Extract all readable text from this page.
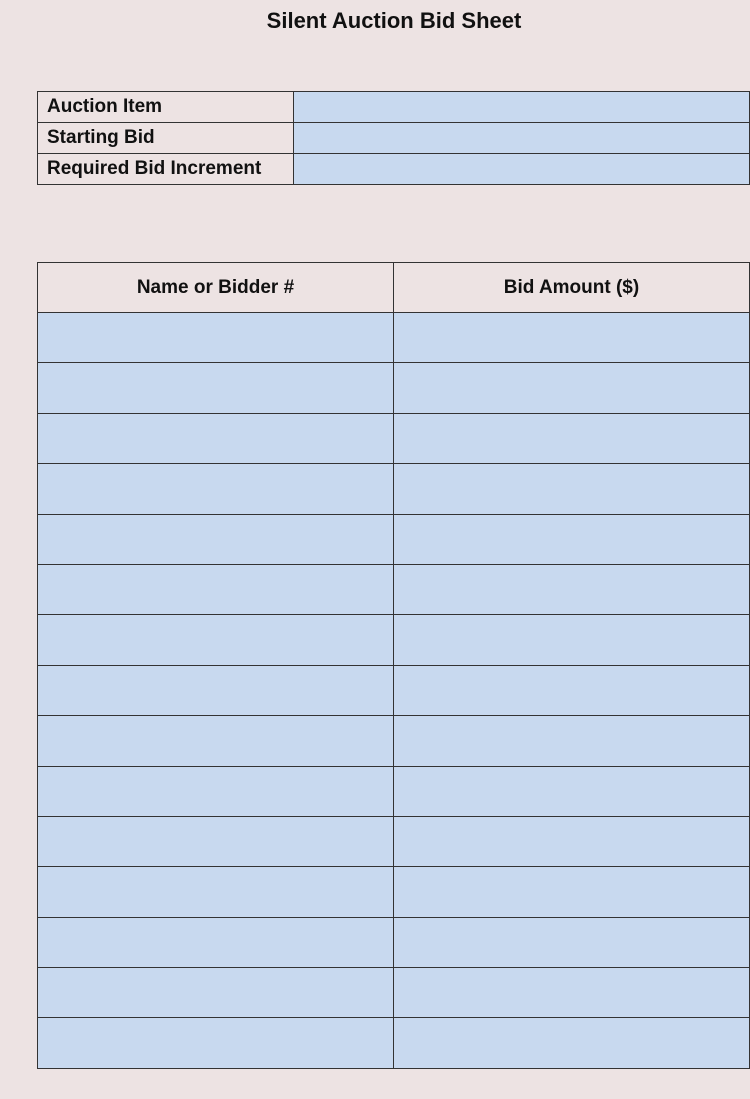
Silent Auction Bid Sheet
Auction Item	
Starting Bid	
Required Bid Increment	
Name or Bidder #	Bid Amount ($)
